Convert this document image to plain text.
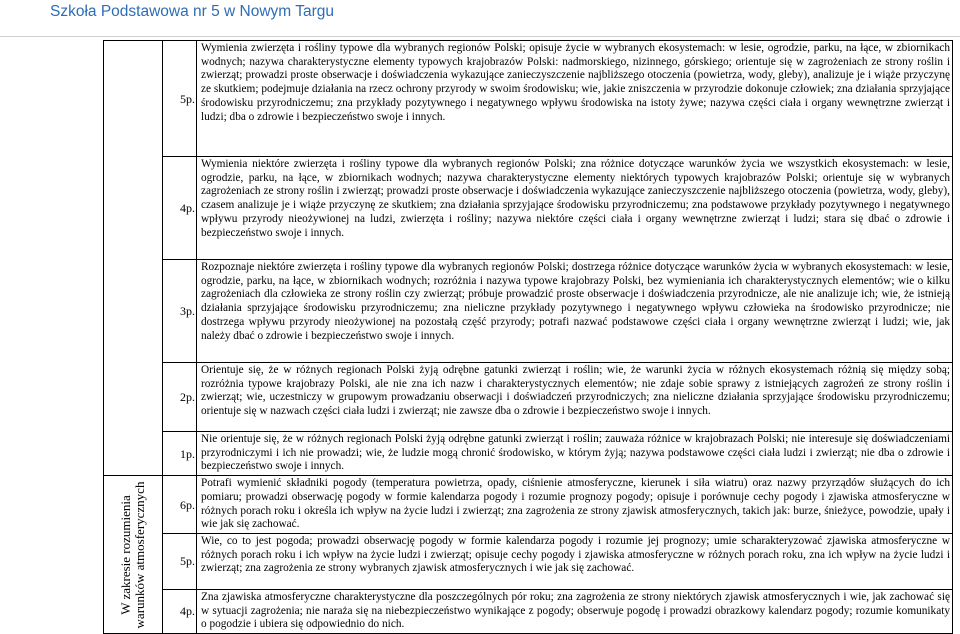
Szkoła Podstawowa nr 5 w Nowym Targu
	5p.	Wymienia zwierzęta i rośliny typowe dla wybranych regionów Polski; opisuje życie w wybranych ekosystemach: w lesie, ogrodzie, parku, na łące, w zbiornikach wodnych; nazywa charakterystyczne elementy typowych krajobrazów Polski: nadmorskiego, nizinnego, górskiego; orientuje się w zagrożeniach ze strony roślin i zwierząt; prowadzi proste obserwacje i doświadczenia wykazujące zanieczyszczenie najbliższego otoczenia (powietrza, wody, gleby), analizuje je i wiąże przyczynę ze skutkiem; podejmuje działania na rzecz ochrony przyrody w swoim środowisku; wie, jakie zniszczenia w przyrodzie dokonuje człowiek; zna działania sprzyjające środowisku przyrodniczemu; zna przykłady pozytywnego i negatywnego wpływu środowiska na istoty żywe; nazywa części ciała i organy wewnętrzne zwierząt i ludzi; dba o zdrowie i bezpieczeństwo swoje i innych.
	4p.	Wymienia niektóre zwierzęta i rośliny typowe dla wybranych regionów Polski; zna różnice dotyczące warunków życia we wszystkich ekosystemach: w lesie, ogrodzie, parku, na łące, w zbiornikach wodnych; nazywa charakterystyczne elementy niektórych typowych krajobrazów Polski; orientuje się w wybranych zagrożeniach ze strony roślin i zwierząt; prowadzi proste obserwacje i doświadczenia wykazujące zanieczyszczenie najbliższego otoczenia (powietrza, wody, gleby), czasem analizuje je i wiąże przyczynę ze skutkiem; zna działania sprzyjające środowisku przyrodniczemu; zna podstawowe przykłady pozytywnego i negatywnego wpływu przyrody nieożywionej na ludzi, zwierzęta i rośliny; nazywa niektóre części ciała i organy wewnętrzne zwierząt i ludzi; stara się dbać o zdrowie i bezpieczeństwo swoje i innych.
	3p.	Rozpoznaje niektóre zwierzęta i rośliny typowe dla wybranych regionów Polski; dostrzega różnice dotyczące warunków życia w wybranych ekosystemach: w lesie, ogrodzie, parku, na łące, w zbiornikach wodnych; rozróżnia i nazywa typowe krajobrazy Polski, bez wymieniania ich charakterystycznych elementów; wie o kilku zagrożeniach dla człowieka ze strony roślin czy zwierząt; próbuje prowadzić proste obserwacje i doświadczenia przyrodnicze, ale nie analizuje ich; wie, że istnieją działania sprzyjające środowisku przyrodniczemu; zna nieliczne przykłady pozytywnego i negatywnego wpływu człowieka na środowisko przyrodnicze; nie dostrzega wpływu przyrody nieożywionej na pozostałą część przyrody; potrafi nazwać podstawowe części ciała i organy wewnętrzne zwierząt i ludzi; wie, jak należy dbać o zdrowie i bezpieczeństwo swoje i innych.
	2p.	Orientuje się, że w różnych regionach Polski żyją odrębne gatunki zwierząt i roślin; wie, że warunki życia w różnych ekosystemach różnią się między sobą; rozróżnia typowe krajobrazy Polski, ale nie zna ich nazw i charakterystycznych elementów; nie zdaje sobie sprawy z istniejących zagrożeń ze strony roślin i zwierząt; wie, uczestniczy w grupowym prowadzaniu obserwacji i doświadczeń przyrodniczych; zna nieliczne działania sprzyjające środowisku przyrodniczemu; orientuje się w nazwach części ciała ludzi i zwierząt; nie zawsze dba o zdrowie i bezpieczeństwo swoje i innych.
	1p.	Nie orientuje się, że w różnych regionach Polski żyją odrębne gatunki zwierząt i roślin; zauważa różnice w krajobrazach Polski; nie interesuje się doświadczeniami przyrodniczymi i ich nie prowadzi; wie, że ludzie mogą chronić środowisko, w którym żyją; nazywa podstawowe części ciała ludzi i zwierząt; nie dba o zdrowie i bezpieczeństwo swoje i innych.

W zakresie rozumienia warunków atmosferycznych	6p.	Potrafi wymienić składniki pogody (temperatura powietrza, opady, ciśnienie atmosferyczne, kierunek i siła wiatru) oraz nazwy przyrządów służących do ich pomiaru; prowadzi obserwację pogody w formie kalendarza pogody i rozumie prognozy pogody; opisuje i porównuje cechy pogody i zjawiska atmosferyczne w różnych porach roku i określa ich wpływ na życie ludzi i zwierząt; zna zagrożenia ze strony zjawisk atmosferycznych, takich jak: burze, śnieżyce, powodzie, upały i wie jak się zachować.
	5p.	Wie, co to jest pogoda; prowadzi obserwację pogody w formie kalendarza pogody i rozumie jej prognozy; umie scharakteryzować zjawiska atmosferyczne w różnych porach roku i ich wpływ na życie ludzi i zwierząt; opisuje cechy pogody i zjawiska atmosferyczne w różnych porach roku, zna ich wpływ na życie ludzi i zwierząt; zna zagrożenia ze strony wybranych zjawisk atmosferycznych i wie jak się zachować.
	4p.	Zna zjawiska atmosferyczne charakterystyczne dla poszczególnych pór roku; zna zagrożenia ze strony niektórych zjawisk atmosferycznych i wie, jak zachować się w sytuacji zagrożenia; nie naraża się na niebezpieczeństwo wynikające z pogody; obserwuje pogodę i prowadzi obrazkowy kalendarz pogody; rozumie komunikaty o pogodzie i ubiera się odpowiednio do nich.
